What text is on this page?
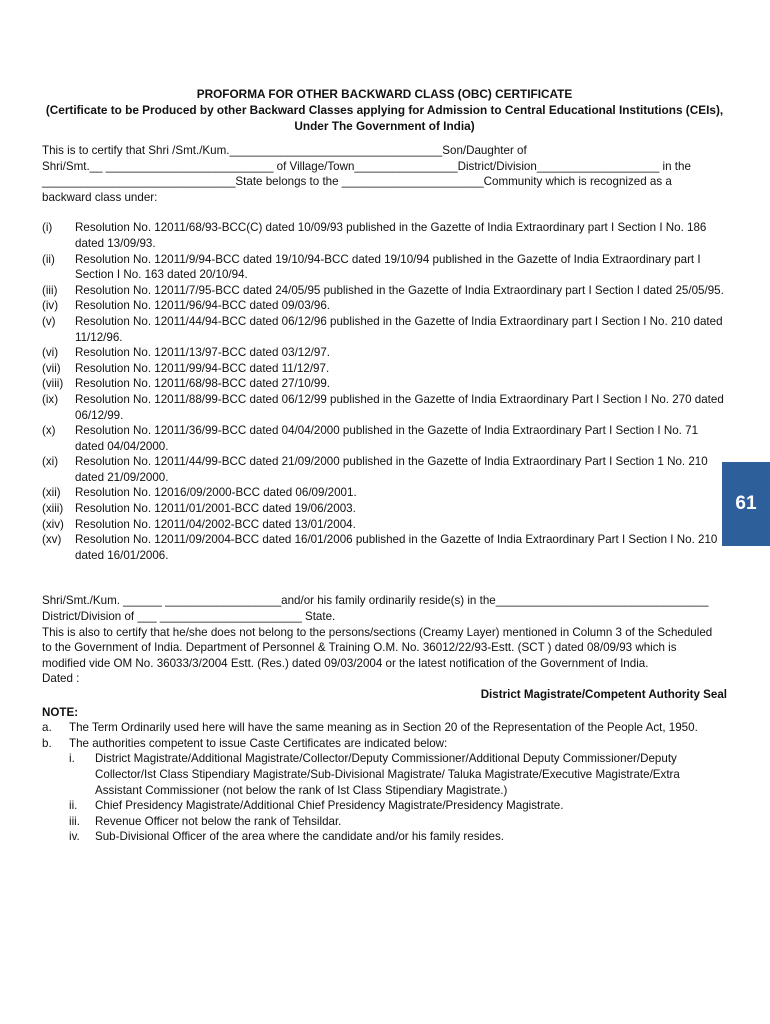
PROFORMA FOR OTHER BACKWARD CLASS (OBC) CERTIFICATE
(Certificate to be Produced by other Backward Classes applying for Admission to Central Educational Institutions (CEIs),
Under The Government of India)
This is to certify that Shri /Smt./Kum._________________________________Son/Daughter of
Shri/Smt.__ __________________________ of Village/Town________________District/Division___________________ in the
______________________________State belongs to the ______________________Community which is recognized as a
backward class under:
(i)	Resolution No. 12011/68/93-BCC(C) dated 10/09/93 published in the Gazette of India Extraordinary part I Section I No. 186 dated 13/09/93.
(ii)	Resolution No. 12011/9/94-BCC dated 19/10/94-BCC dated 19/10/94 published in the Gazette of India Extraordinary part I Section I No. 163 dated 20/10/94.
(iii)	Resolution No. 12011/7/95-BCC dated 24/05/95 published in the Gazette of India Extraordinary part I Section I dated 25/05/95.
(iv)	Resolution No. 12011/96/94-BCC dated 09/03/96.
(v)	Resolution No. 12011/44/94-BCC dated 06/12/96 published in the Gazette of India Extraordinary part I Section I No. 210 dated 11/12/96.
(vi)	Resolution No. 12011/13/97-BCC dated 03/12/97.
(vii)	Resolution No. 12011/99/94-BCC dated 11/12/97.
(viii)	Resolution No. 12011/68/98-BCC dated 27/10/99.
(ix)	Resolution No. 12011/88/99-BCC dated 06/12/99 published in the Gazette of India Extraordinary Part I Section I No. 270 dated 06/12/99.
(x)	Resolution No. 12011/36/99-BCC dated 04/04/2000 published in the Gazette of India Extraordinary Part I Section I No. 71 dated 04/04/2000.
(xi)	Resolution No. 12011/44/99-BCC dated 21/09/2000 published in the Gazette of India Extraordinary Part I Section 1 No. 210 dated 21/09/2000.
(xii)	Resolution No. 12016/09/2000-BCC dated 06/09/2001.
(xiii)	Resolution No. 12011/01/2001-BCC dated 19/06/2003.
(xiv) Resolution No. 12011/04/2002-BCC dated 13/01/2004.
(xv)	Resolution No. 12011/09/2004-BCC dated 16/01/2006 published in the Gazette of India Extraordinary Part I Section I No. 210 dated 16/01/2006.
Shri/Smt./Kum. ______ __________________and/or his family ordinarily reside(s) in the_________________________________
District/Division of ___ ______________________ State.
This is also to certify that he/she does not belong to the persons/sections (Creamy Layer) mentioned in Column 3 of the Scheduled
to the Government of India. Department of Personnel & Training O.M. No. 36012/22/93-Estt. (SCT ) dated 08/09/93 which is
modified vide OM No. 36033/3/2004 Estt. (Res.) dated 09/03/2004 or the latest notification of the Government of India.
Dated :
District Magistrate/Competent Authority Seal
NOTE:
a.	The Term Ordinarily used here will have the same meaning as in Section 20 of the Representation of the People Act, 1950.
b.	The authorities competent to issue Caste Certificates are indicated below:
i.	District Magistrate/Additional Magistrate/Collector/Deputy Commissioner/Additional Deputy Commissioner/Deputy Collector/Ist Class Stipendiary Magistrate/Sub-Divisional Magistrate/ Taluka Magistrate/Executive Magistrate/Extra Assistant Commissioner (not below the rank of Ist Class Stipendiary Magistrate.)
ii.	Chief Presidency Magistrate/Additional Chief Presidency Magistrate/Presidency Magistrate.
iii.	Revenue Officer not below the rank of Tehsildar.
iv.	Sub-Divisional Officer of the area where the candidate and/or his family resides.
61
